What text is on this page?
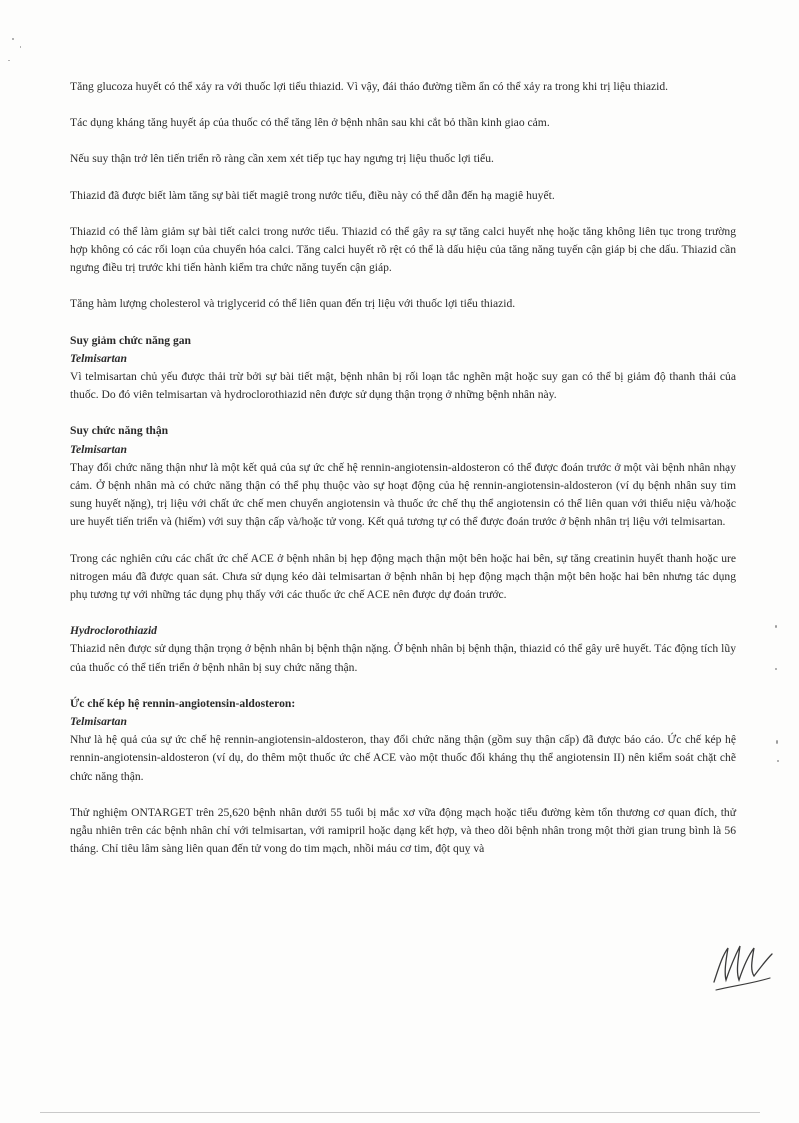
Tăng glucoza huyết có thể xảy ra với thuốc lợi tiểu thiazid. Vì vậy, đái tháo đường tiềm ẩn có thể xảy ra trong khi trị liệu thiazid.

Tác dụng kháng tăng huyết áp của thuốc có thể tăng lên ở bệnh nhân sau khi cắt bỏ thần kinh giao cảm.

Nếu suy thận trở lên tiến triển rõ ràng cần xem xét tiếp tục hay ngưng trị liệu thuốc lợi tiểu.

Thiazid đã được biết làm tăng sự bài tiết magiê trong nước tiểu, điều này có thể dẫn đến hạ magiê huyết.

Thiazid có thể làm giảm sự bài tiết calci trong nước tiểu. Thiazid có thể gây ra sự tăng calci huyết nhẹ hoặc tăng không liên tục trong trường hợp không có các rối loạn của chuyển hóa calci. Tăng calci huyết rõ rệt có thể là dấu hiệu của tăng năng tuyến cận giáp bị che dấu. Thiazid cần ngưng điều trị trước khi tiến hành kiểm tra chức năng tuyến cận giáp.

Tăng hàm lượng cholesterol và triglycerid có thể liên quan đến trị liệu với thuốc lợi tiểu thiazid.

Suy giảm chức năng gan
Telmisartan

Vì telmisartan chủ yếu được thải trừ bởi sự bài tiết mật, bệnh nhân bị rối loạn tắc nghẽn mật hoặc suy gan có thể bị giảm độ thanh thải của thuốc. Do đó viên telmisartan và hydroclorothiazid nên được sử dụng thận trọng ở những bệnh nhân này.

Suy chức năng thận
Telmisartan

Thay đổi chức năng thận như là một kết quả của sự ức chế hệ rennin-angiotensin-aldosteron có thể được đoán trước ở một vài bệnh nhân nhạy cảm. Ở bệnh nhân mà có chức năng thận có thể phụ thuộc vào sự hoạt động của hệ rennin-angiotensin-aldosteron (ví dụ bệnh nhân suy tim sung huyết nặng), trị liệu với chất ức chế men chuyển angiotensin và thuốc ức chế thụ thể angiotensin có thể liên quan với thiểu niệu và/hoặc ure huyết tiến triển và (hiếm) với suy thận cấp và/hoặc tử vong. Kết quả tương tự có thể được đoán trước ở bệnh nhân trị liệu với telmisartan.

Trong các nghiên cứu các chất ức chế ACE ở bệnh nhân bị hẹp động mạch thận một bên hoặc hai bên, sự tăng creatinin huyết thanh hoặc ure nitrogen máu đã được quan sát. Chưa sử dụng kéo dài telmisartan ở bệnh nhân bị hẹp động mạch thận một bên hoặc hai bên nhưng tác dụng phụ tương tự với những tác dụng phụ thấy với các thuốc ức chế ACE nên được dự đoán trước.

Hydroclorothiazid

Thiazid nên được sử dụng thận trọng ở bệnh nhân bị bệnh thận nặng. Ở bệnh nhân bị bệnh thận, thiazid có thể gây urê huyết. Tác động tích lũy của thuốc có thể tiến triển ở bệnh nhân bị suy chức năng thận.

Ức chế kép hệ rennin-angiotensin-aldosteron:
Telmisartan

Như là hệ quả của sự ức chế hệ rennin-angiotensin-aldosteron, thay đổi chức năng thận (gồm suy thận cấp) đã được báo cáo. Ức chế kép hệ rennin-angiotensin-aldosteron (ví dụ, do thêm một thuốc ức chế ACE vào một thuốc đối kháng thụ thể angiotensin II) nên kiểm soát chặt chẽ chức năng thận.

Thử nghiệm ONTARGET trên 25,620 bệnh nhân dưới 55 tuổi bị mắc xơ vữa động mạch hoặc tiểu đường kèm tổn thương cơ quan đích, thử ngẫu nhiên trên các bệnh nhân chỉ với telmisartan, với ramipril hoặc dạng kết hợp, và theo dõi bệnh nhân trong một thời gian trung bình là 56 tháng. Chỉ tiêu lâm sàng liên quan đến tử vong do tim mạch, nhồi máu cơ tim, đột quỵ và
